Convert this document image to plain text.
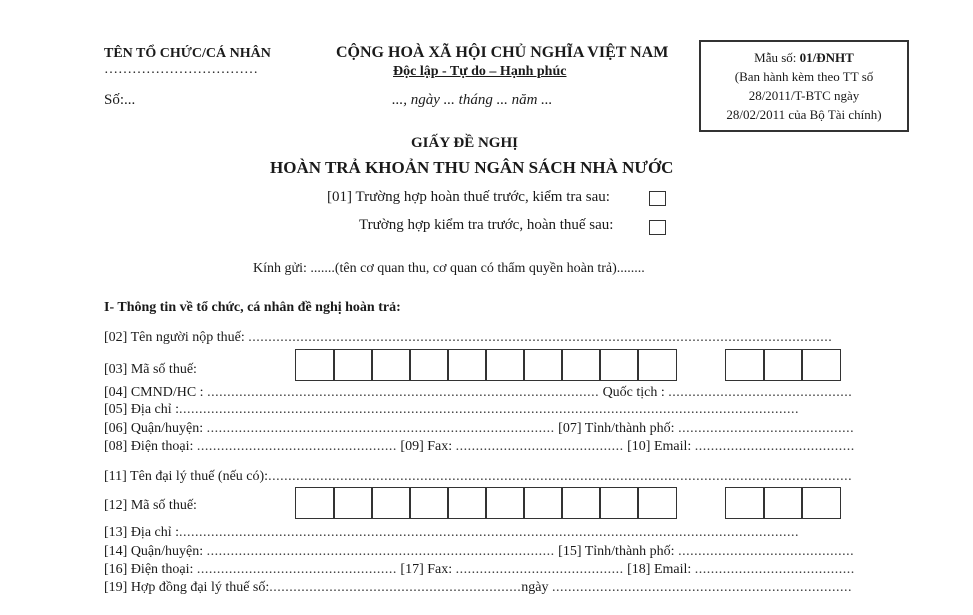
TÊN TỔ CHỨC/CÁ NHÂN
……………………………
Số:...
CỘNG HOÀ XÃ HỘI CHỦ NGHĨA VIỆT NAM
Độc lập - Tự do – Hạnh phúc
..., ngày ... tháng ... năm ...
Mẫu số: 01/ĐNHT
(Ban hành kèm theo TT số
28/2011/T-BTC ngày
28/02/2011 của Bộ Tài chính)
GIẤY ĐỀ NGHỊ
HOÀN TRẢ KHOẢN THU NGÂN SÁCH NHÀ NƯỚC
[01] Trường hợp hoàn thuế trước, kiểm tra sau:
Trường hợp kiểm tra trước, hoàn thuế sau:
Kính gửi: .......(tên cơ quan thu, cơ quan có thẩm quyền hoàn trả)........
I- Thông tin về tổ chức, cá nhân đề nghị hoàn trả:
[02] Tên người nộp thuế: ..................................................................................................................................................
[03] Mã số thuế:
[04] CMND/HC : .................................................................................................. Quốc tịch : ..............................................
[05] Địa chỉ :...........................................................................................................................................................
[06] Quận/huyện: ....................................................................................... [07] Tỉnh/thành phố: ............................................
[08] Điện thoại: .................................................. [09] Fax: .......................................... [10] Email: ........................................
[11] Tên đại lý thuế (nếu có):..................................................................................................................................................
[12] Mã số thuế:
[13] Địa chỉ :...........................................................................................................................................................
[14] Quận/huyện: ....................................................................................... [15] Tỉnh/thành phố: ............................................
[16] Điện thoại: .................................................. [17] Fax: .......................................... [18] Email: ........................................
[19] Hợp đồng đại lý thuế số:...............................................................ngày ...........................................................................
